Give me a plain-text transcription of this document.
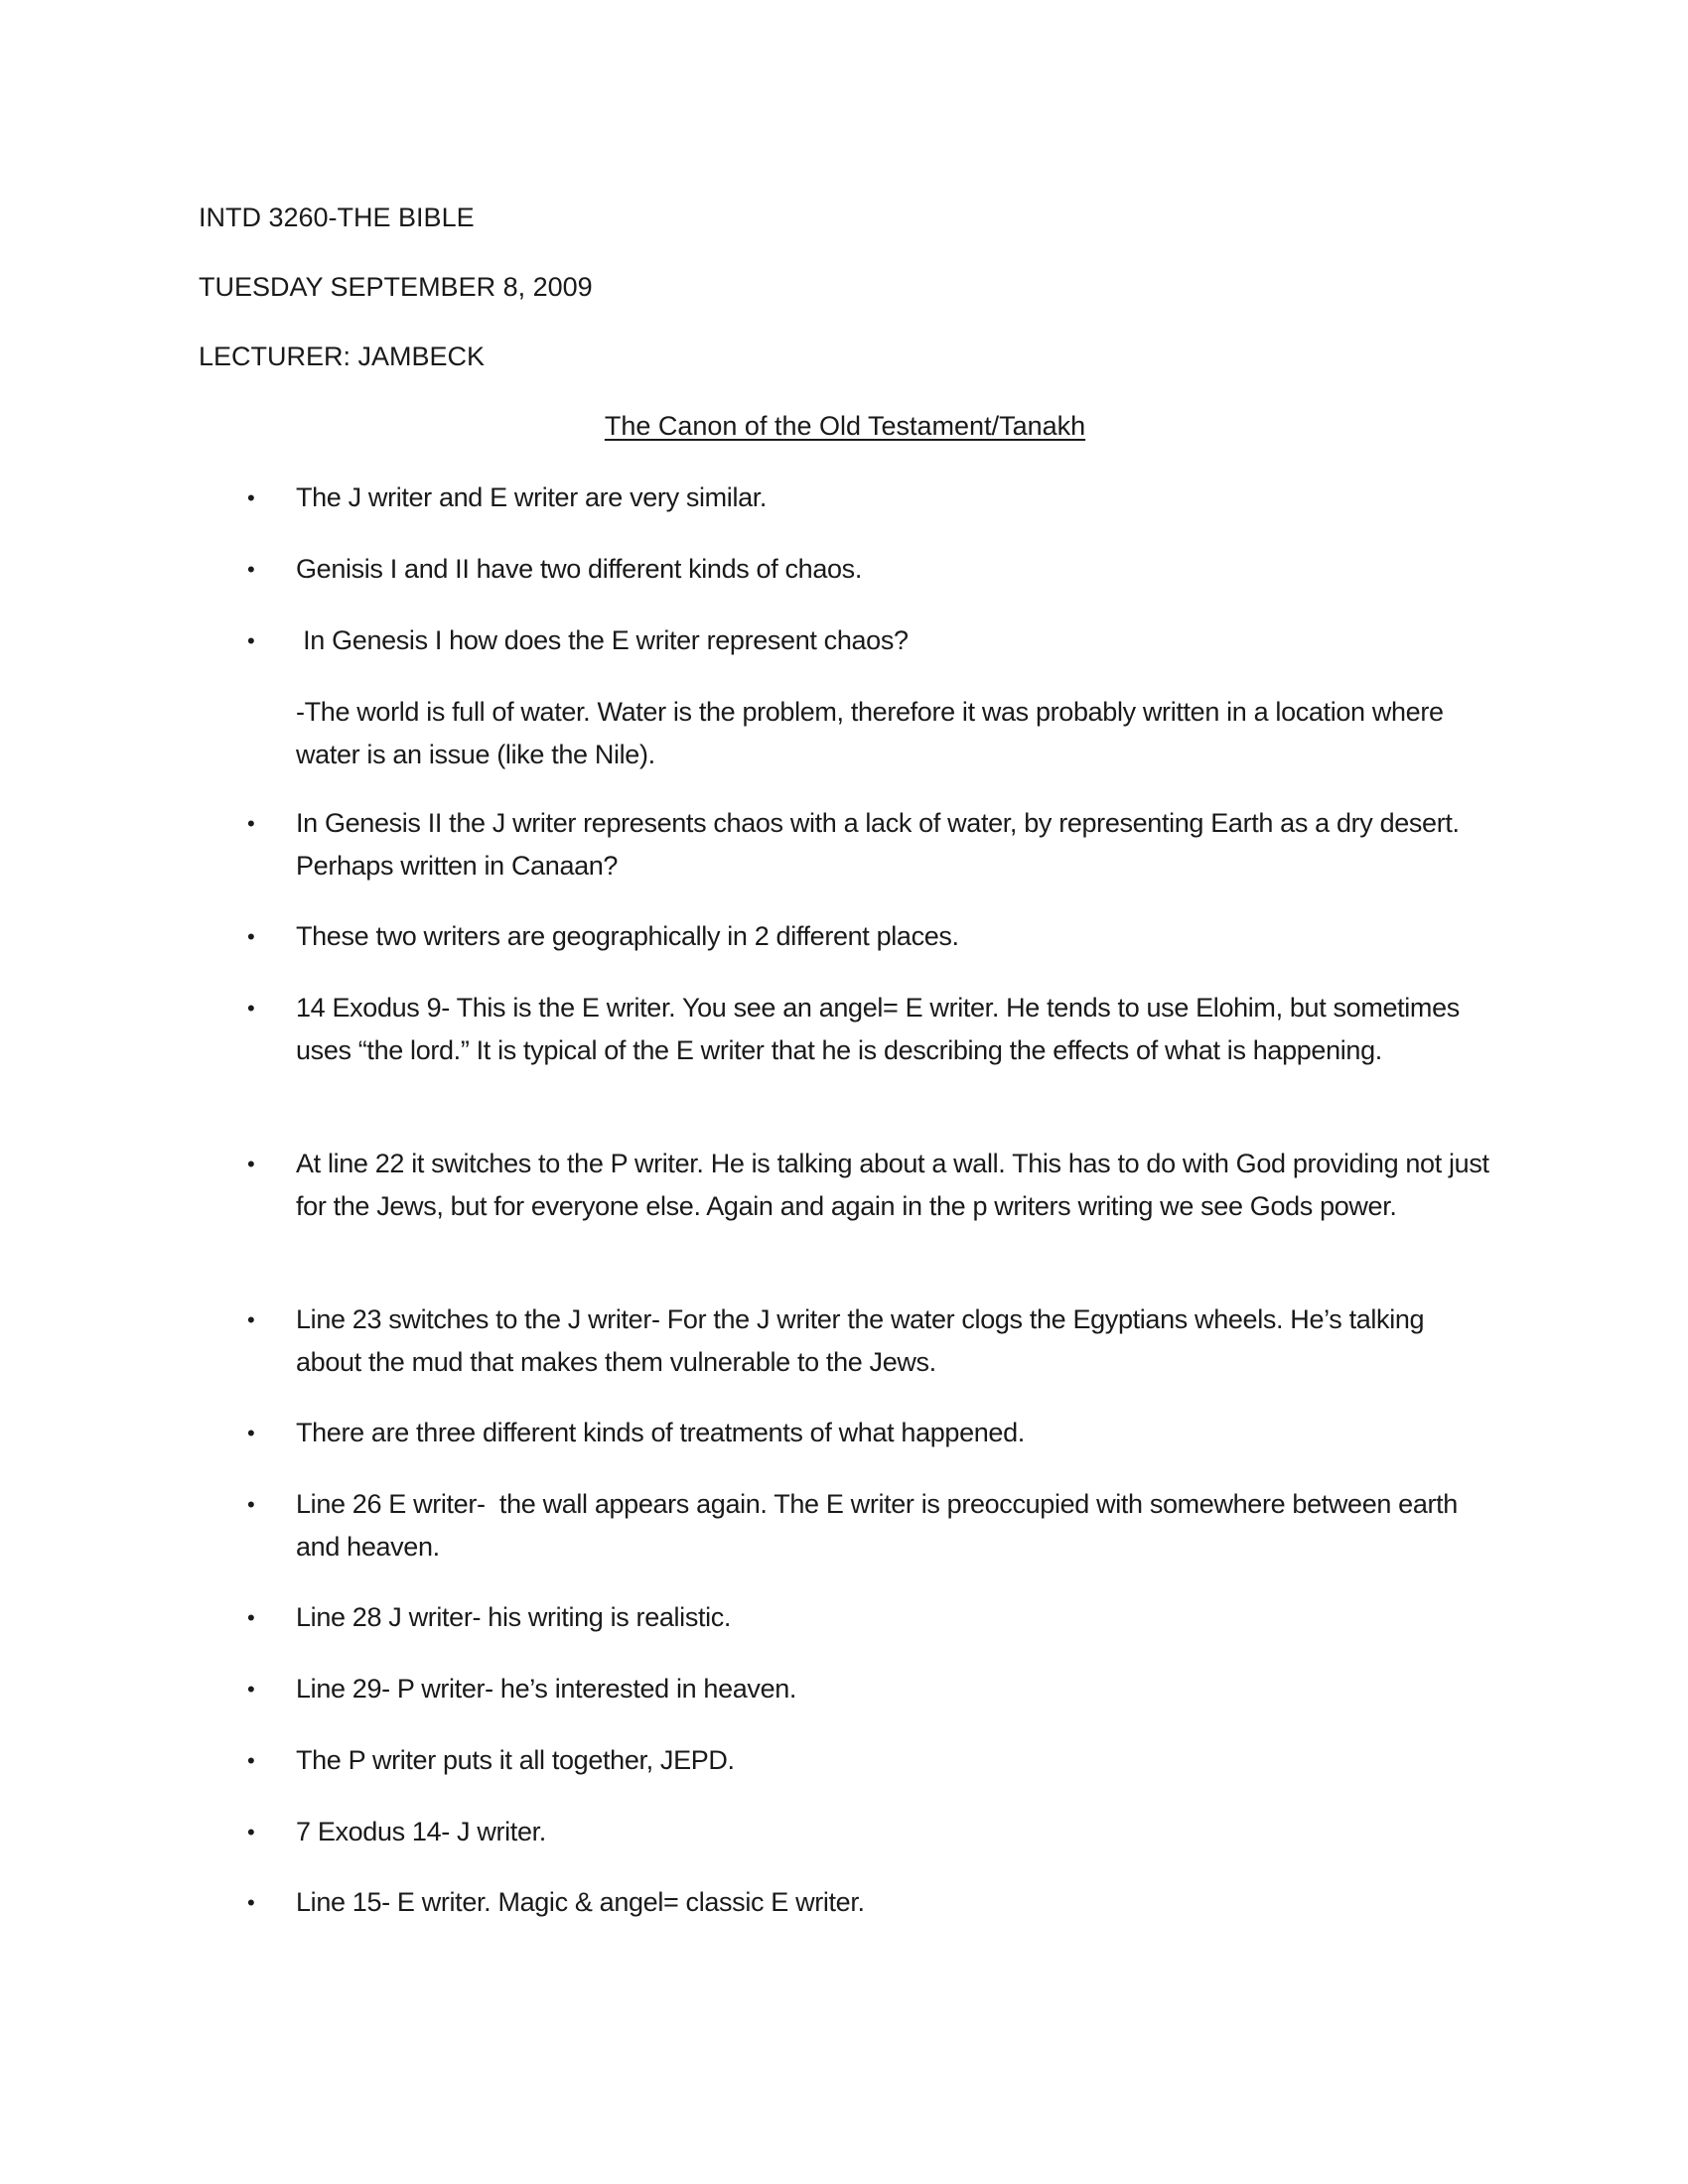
INTD 3260-THE BIBLE
TUESDAY SEPTEMBER 8, 2009
LECTURER: JAMBECK
The Canon of the Old Testament/Tanakh
• The J writer and E writer are very similar.
• Genisis I and II have two different kinds of chaos.
• In Genesis I how does the E writer represent chaos?
-The world is full of water. Water is the problem, therefore it was probably written in a location where water is an issue (like the Nile).
• In Genesis II the J writer represents chaos with a lack of water, by representing Earth as a dry desert. Perhaps written in Canaan?
• These two writers are geographically in 2 different places.
• 14 Exodus 9- This is the E writer. You see an angel= E writer. He tends to use Elohim, but sometimes uses “the lord.” It is typical of the E writer that he is describing the effects of what is happening.
• At line 22 it switches to the P writer. He is talking about a wall. This has to do with God providing not just for the Jews, but for everyone else. Again and again in the p writers writing we see Gods power.
• Line 23 switches to the J writer- For the J writer the water clogs the Egyptians wheels. He’s talking about the mud that makes them vulnerable to the Jews.
• There are three different kinds of treatments of what happened.
• Line 26 E writer-  the wall appears again. The E writer is preoccupied with somewhere between earth and heaven.
• Line 28 J writer- his writing is realistic.
• Line 29- P writer- he’s interested in heaven.
• The P writer puts it all together, JEPD.
• 7 Exodus 14- J writer.
• Line 15- E writer. Magic & angel= classic E writer.
